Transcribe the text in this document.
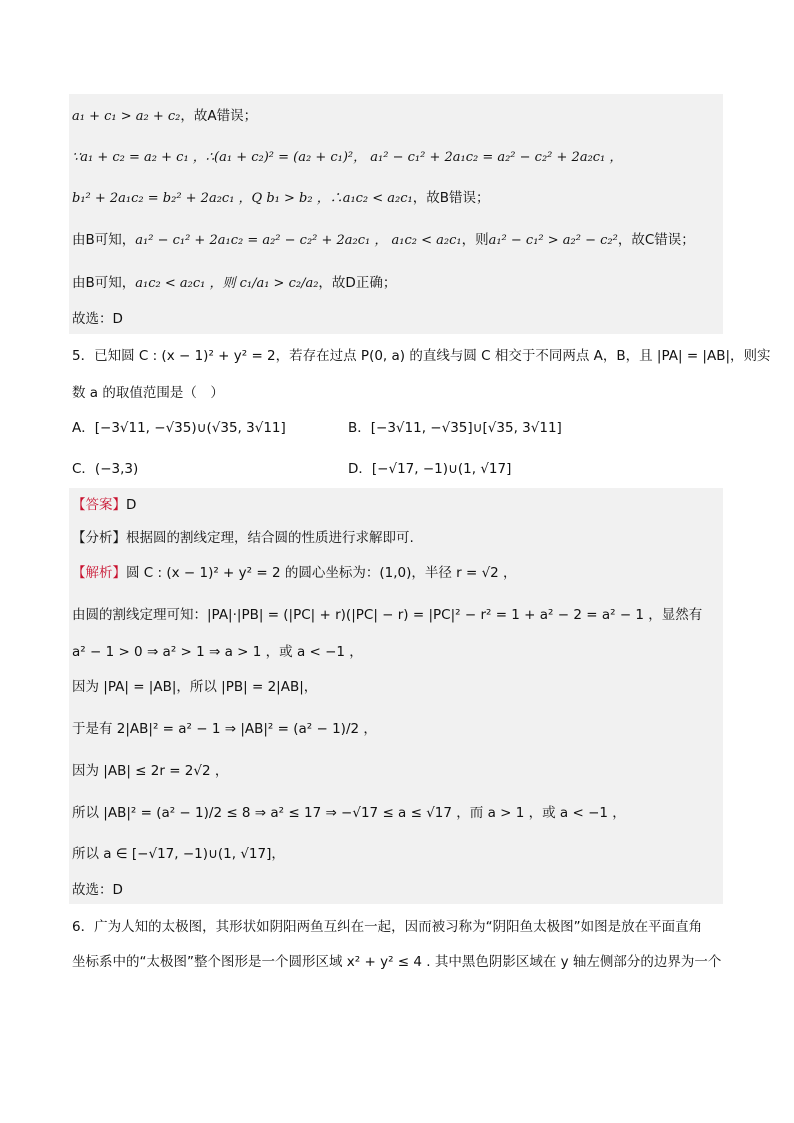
a₁ + c₁ > a₂ + c₂，故A错误；
∵a₁ + c₂ = a₂ + c₁ ，∴(a₁ + c₂)² = (a₂ + c₁)²， a₁² − c₁² + 2a₁c₂ = a₂² − c₂² + 2a₂c₁ ，
b₁² + 2a₁c₂ = b₂² + 2a₂c₁ ，Q b₁ > b₂ ，∴a₁c₂ < a₂c₁，故B错误；
由B可知，a₁² − c₁² + 2a₁c₂ = a₂² − c₂² + 2a₂c₁ ， a₁c₂ < a₂c₁，则a₁² − c₁² > a₂² − c₂²，故C错误；
由B可知，a₁c₂ < a₂c₁ ，则 c₁/a₁ > c₂/a₂，故D正确；
故选：D
5．已知圆 C : (x − 1)² + y² = 2，若存在过点 P(0, a) 的直线与圆 C 相交于不同两点 A，B，且 |PA| = |AB|，则实
数 a 的取值范围是（　）
A．[−3√11, −√35)∪(√35, 3√11]	B．[−3√11, −√35]∪[√35, 3√11]
C．(−3,3)	D．[−√17, −1)∪(1, √17]
【答案】D
【分析】根据圆的割线定理，结合圆的性质进行求解即可.
【解析】圆 C : (x − 1)² + y² = 2 的圆心坐标为：(1,0)，半径 r = √2 ，
由圆的割线定理可知：|PA|·|PB| = (|PC| + r)(|PC| − r) = |PC|² − r² = 1 + a² − 2 = a² − 1 ，显然有
a² − 1 > 0 ⇒ a² > 1 ⇒ a > 1 ，或 a < −1 ，
因为 |PA| = |AB|，所以 |PB| = 2|AB|，
于是有 2|AB|² = a² − 1 ⇒ |AB|² = (a² − 1)/2 ，
因为 |AB| ≤ 2r = 2√2 ，
所以 |AB|² = (a² − 1)/2 ≤ 8 ⇒ a² ≤ 17 ⇒ −√17 ≤ a ≤ √17 ，而 a > 1 ，或 a < −1 ，
所以 a ∈ [−√17, −1)∪(1, √17]，
故选：D
6．广为人知的太极图，其形状如阴阳两鱼互纠在一起，因而被习称为“阴阳鱼太极图”如图是放在平面直角
坐标系中的“太极图”整个图形是一个圆形区域 x² + y² ≤ 4 . 其中黑色阴影区域在 y 轴左侧部分的边界为一个
